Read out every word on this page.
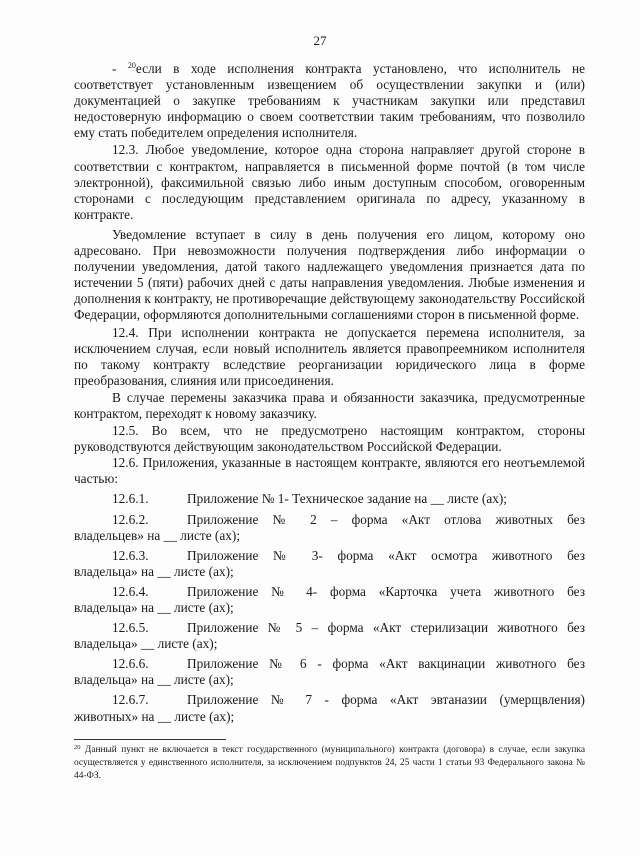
27

- $^{20}$если в ходе исполнения контракта установлено, что исполнитель не соответствует установленным извещением об осуществлении закупки и (или) документацией о закупке требованиям к участникам закупки или представил недостоверную информацию о своем соответствии таким требованиям, что позволило ему стать победителем определения исполнителя.

12.3. Любое уведомление, которое одна сторона направляет другой стороне в соответствии с контрактом, направляется в письменной форме почтой (в том числе электронной), факсимильной связью либо иным доступным способом, оговоренным сторонами с последующим представлением оригинала по адресу, указанному в контракте.

Уведомление вступает в силу в день получения его лицом, которому оно адресовано. При невозможности получения подтверждения либо информации о получении уведомления, датой такого надлежащего уведомления признается дата по истечении 5 (пяти) рабочих дней с даты направления уведомления. Любые изменения и дополнения к контракту, не противоречащие действующему законодательству Российской Федерации, оформляются дополнительными соглашениями сторон в письменной форме.

12.4. При исполнении контракта не допускается перемена исполнителя, за исключением случая, если новый исполнитель является правопреемником исполнителя по такому контракту вследствие реорганизации юридического лица в форме преобразования, слияния или присоединения.

В случае перемены заказчика права и обязанности заказчика, предусмотренные контрактом, переходят к новому заказчику.

12.5. Во всем, что не предусмотрено настоящим контрактом, стороны руководствуются действующим законодательством Российской Федерации.

12.6. Приложения, указанные в настоящем контракте, являются его неотъемлемой частью:

12.6.1.	Приложение № 1- Техническое задание на __ листе (ах);

12.6.2.	Приложение № 2 – форма «Акт отлова животных без

владельцев» на __ листе (ах);

12.6.3.	Приложение № 3- форма «Акт осмотра животного без

владельца» на __ листе (ах);

12.6.4.	Приложение № 4- форма «Карточка учета животного без

владельца» на __ листе (ах);

12.6.5.	Приложение № 5 – форма «Акт стерилизации животного без

владельца» __ листе (ах);

12.6.6.	Приложение № 6 - форма «Акт вакцинации животного без

владельца» на __ листе (ах);

12.6.7.	Приложение № 7 - форма «Акт эвтаназии (умерщвления)

животных» на __ листе (ах);

$^{20}$ Данный пункт не включается в текст государственного (муниципального) контракта (договора) в случае, если закупка осуществляется у единственного исполнителя, за исключением подпунктов 24, 25 части 1 статьи 93 Федерального закона № 44-ФЗ.
